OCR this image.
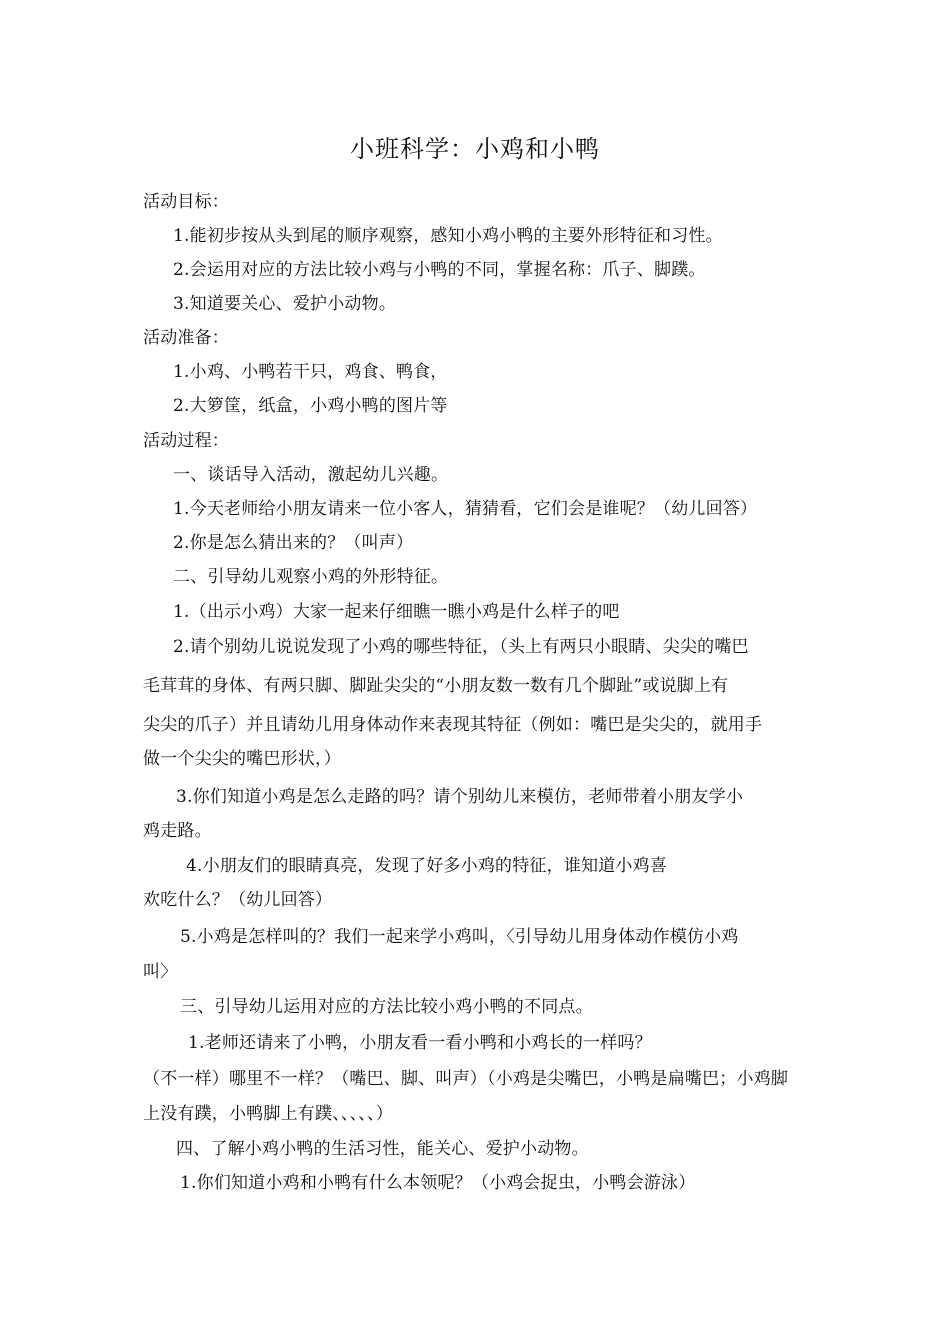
小班科学：小鸡和小鸭
活动目标：
1.能初步按从头到尾的顺序观察，感知小鸡小鸭的主要外形特征和习性。
2.会运用对应的方法比较小鸡与小鸭的不同，掌握名称：爪子、脚蹼。
3.知道要关心、爱护小动物。
活动准备：
1.小鸡、小鸭若干只，鸡食、鸭食，
2.大箩筐，纸盒，小鸡小鸭的图片等
活动过程：
一、谈话导入活动，激起幼儿兴趣。
1.今天老师给小朋友请来一位小客人，猜猜看，它们会是谁呢？（幼儿回答）
2.你是怎么猜出来的？（叫声）
二、引导幼儿观察小鸡的外形特征。
1.（出示小鸡）大家一起来仔细瞧一瞧小鸡是什么样子的吧
2.请个别幼儿说说发现了小鸡的哪些特征，（头上有两只小眼睛、尖尖的嘴巴
毛茸茸的身体、有两只脚、脚趾尖尖的“小朋友数一数有几个脚趾”或说脚上有
尖尖的爪子）并且请幼儿用身体动作来表现其特征（例如：嘴巴是尖尖的，就用手
做一个尖尖的嘴巴形状，）
3.你们知道小鸡是怎么走路的吗？请个别幼儿来模仿，老师带着小朋友学小
鸡走路。
4.小朋友们的眼睛真亮，发现了好多小鸡的特征，谁知道小鸡喜
欢吃什么？（幼儿回答）
5.小鸡是怎样叫的？我们一起来学小鸡叫，〈引导幼儿用身体动作模仿小鸡
叫〉
三、引导幼儿运用对应的方法比较小鸡小鸭的不同点。
1.老师还请来了小鸭，小朋友看一看小鸭和小鸡长的一样吗？
（不一样）哪里不一样？（嘴巴、脚、叫声）（小鸡是尖嘴巴，小鸭是扁嘴巴；小鸡脚
上没有蹼，小鸭脚上有蹼、、、、、）
四、了解小鸡小鸭的生活习性，能关心、爱护小动物。
1.你们知道小鸡和小鸭有什么本领呢？（小鸡会捉虫，小鸭会游泳）
